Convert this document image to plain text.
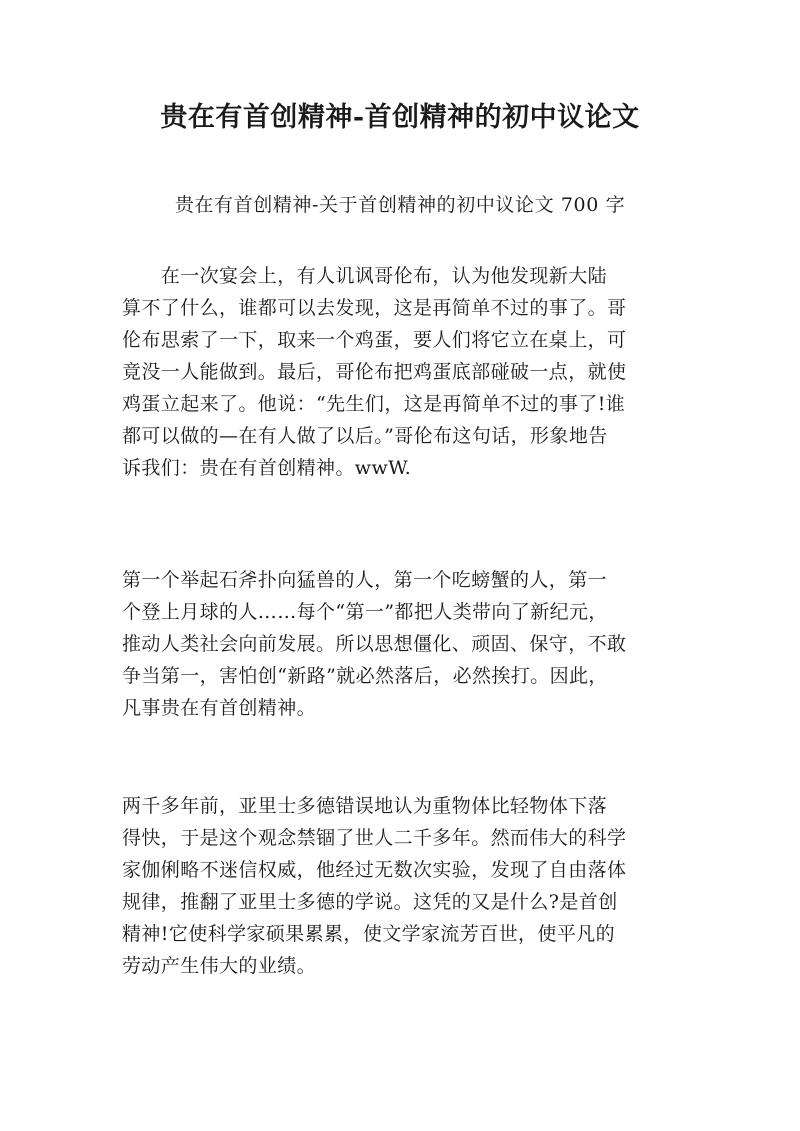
贵在有首创精神-首创精神的初中议论文
贵在有首创精神-关于首创精神的初中议论文 700 字
　　在一次宴会上，有人讥讽哥伦布，认为他发现新大陆
算不了什么，谁都可以去发现，这是再简单不过的事了。哥
伦布思索了一下，取来一个鸡蛋，要人们将它立在桌上，可
竟没一人能做到。最后，哥伦布把鸡蛋底部碰破一点，就使
鸡蛋立起来了。他说：“先生们，这是再简单不过的事了!谁
都可以做的—在有人做了以后。”哥伦布这句话，形象地告
诉我们：贵在有首创精神。wwW.
第一个举起石斧扑向猛兽的人，第一个吃螃蟹的人，第一
个登上月球的人……每个“第一”都把人类带向了新纪元，
推动人类社会向前发展。所以思想僵化、顽固、保守，不敢
争当第一，害怕创“新路”就必然落后，必然挨打。因此，
凡事贵在有首创精神。
两千多年前，亚里士多德错误地认为重物体比轻物体下落
得快，于是这个观念禁锢了世人二千多年。然而伟大的科学
家伽俐略不迷信权威，他经过无数次实验，发现了自由落体
规律，推翻了亚里士多德的学说。这凭的又是什么?是首创
精神!它使科学家硕果累累，使文学家流芳百世，使平凡的
劳动产生伟大的业绩。
